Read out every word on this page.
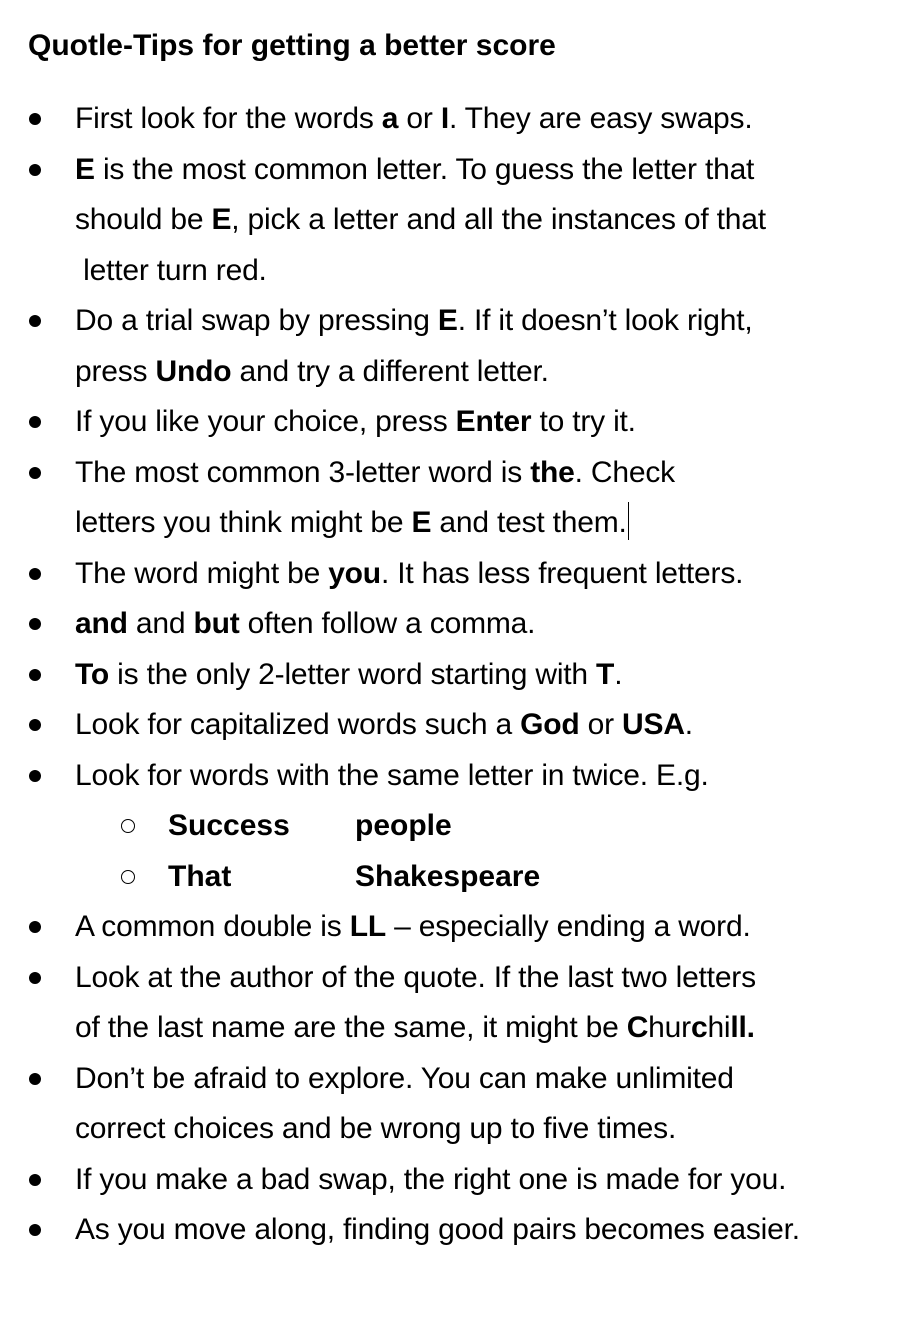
Quotle-Tips for getting a better score
First look for the words a or I. They are easy swaps.
E is the most common letter. To guess the letter that
should be E, pick a letter and all the instances of that
letter turn red.
Do a trial swap by pressing E. If it doesn’t look right,
press Undo and try a different letter.
If you like your choice, press Enter to try it.
The most common 3-letter word is the. Check
letters you think might be E and test them.
The word might be you. It has less frequent letters.
and and but often follow a comma.
To is the only 2-letter word starting with T.
Look for capitalized words such a God or USA.
Look for words with the same letter in twice. E.g.
Success people
That	Shakespeare
A common double is LL – especially ending a word.
Look at the author of the quote. If the last two letters
of the last name are the same, it might be Churchill.
Don’t be afraid to explore. You can make unlimited
correct choices and be wrong up to five times.
If you make a bad swap, the right one is made for you.
As you move along, finding good pairs becomes easier.
